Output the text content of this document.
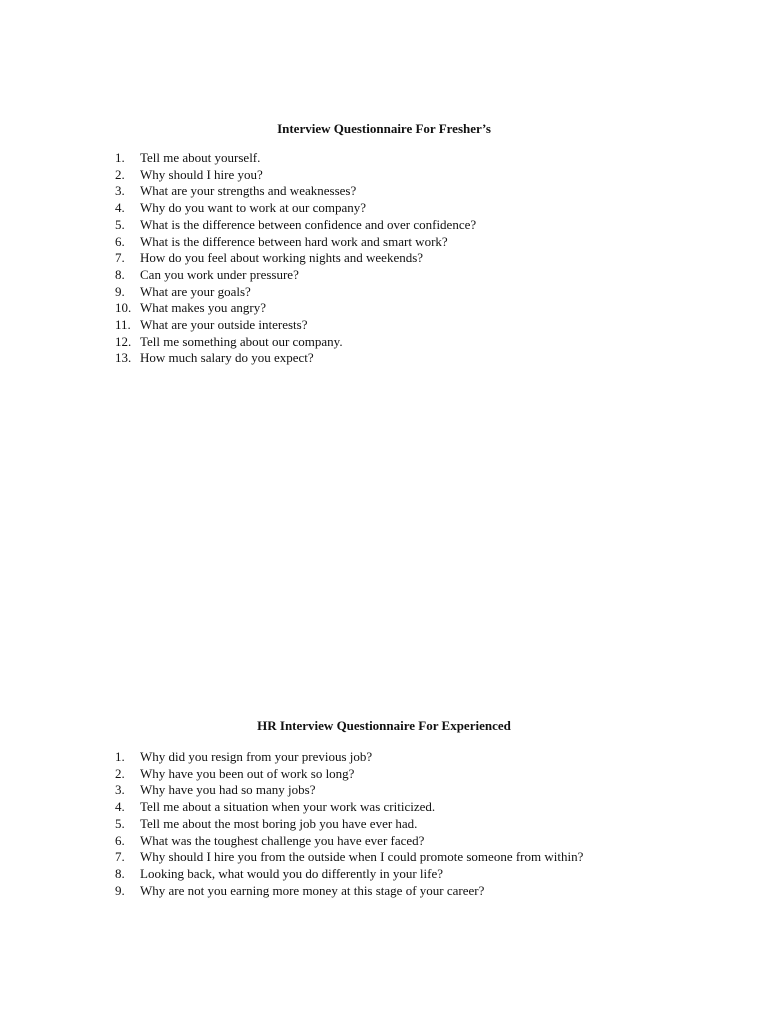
Interview Questionnaire For Fresher’s
1.	Tell me about yourself.
2.	Why should I hire you?
3.	What are your strengths and weaknesses?
4.	Why do you want to work at our company?
5.	What is the difference between confidence and over confidence?
6.	What is the difference between hard work and smart work?
7.	How do you feel about working nights and weekends?
8.	Can you work under pressure?
9.	What are your goals?
10. What makes you angry?
11. What are your outside interests?
12. Tell me something about our company.
13. How much salary do you expect?
HR Interview Questionnaire For Experienced
1.	Why did you resign from your previous job?
2.	Why have you been out of work so long?
3.	Why have you had so many jobs?
4.	Tell me about a situation when your work was criticized.
5.	Tell me about the most boring job you have ever had.
6.	What was the toughest challenge you have ever faced?
7.	Why should I hire you from the outside when I could promote someone from within?
8.	Looking back, what would you do differently in your life?
9.	Why are not you earning more money at this stage of your career?
